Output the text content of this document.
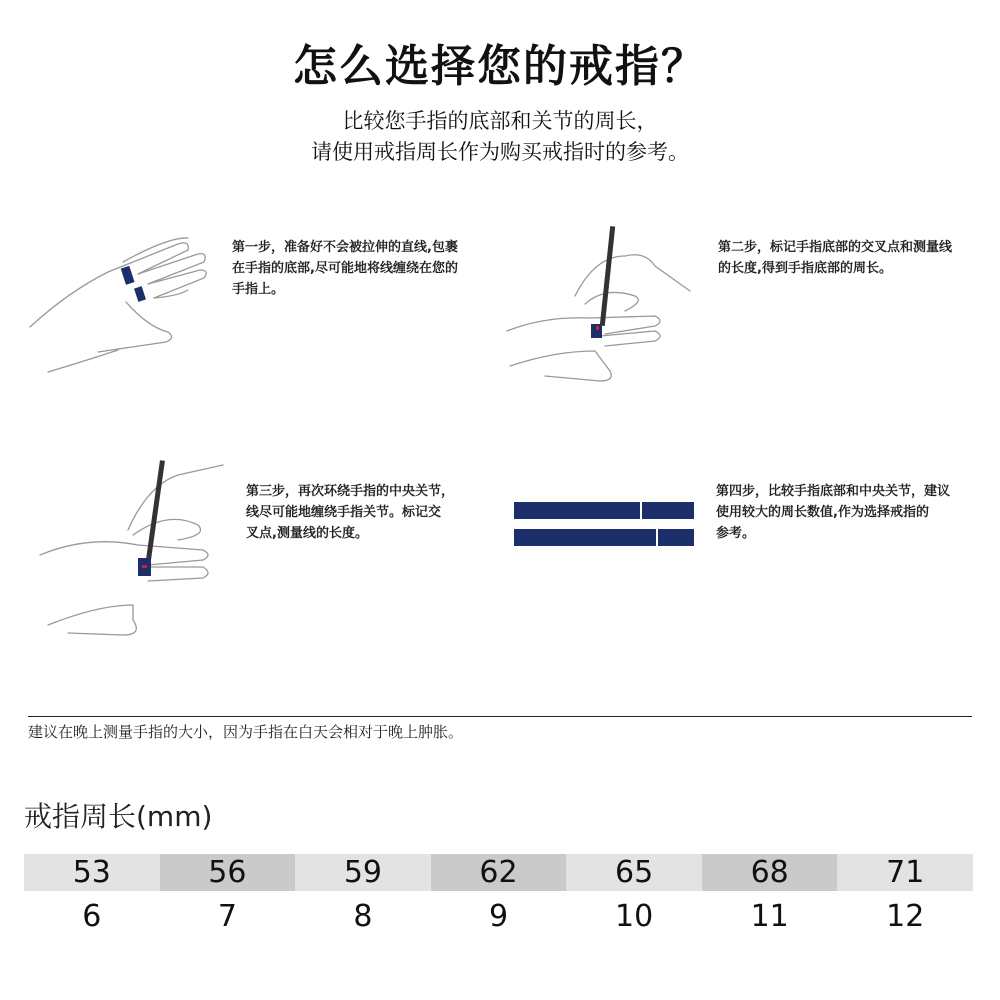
怎么选择您的戒指？
比较您手指的底部和关节的周长，
请使用戒指周长作为购买戒指时的参考。
第一步，准备好不会被拉伸的直线,包裹
在手指的底部,尽可能地将线缠绕在您的
手指上。
第二步，标记手指底部的交叉点和测量线
的长度,得到手指底部的周长。
第三步，再次环绕手指的中央关节，
线尽可能地缠绕手指关节。标记交
叉点,测量线的长度。
第四步，比较手指底部和中央关节，建议
使用较大的周长数值,作为选择戒指的
参考。
建议在晚上测量手指的大小，因为手指在白天会相对于晚上肿胀。
戒指周长(mm)
53	56	59	62	65	68	71
6	7	8	9	10	11	12
